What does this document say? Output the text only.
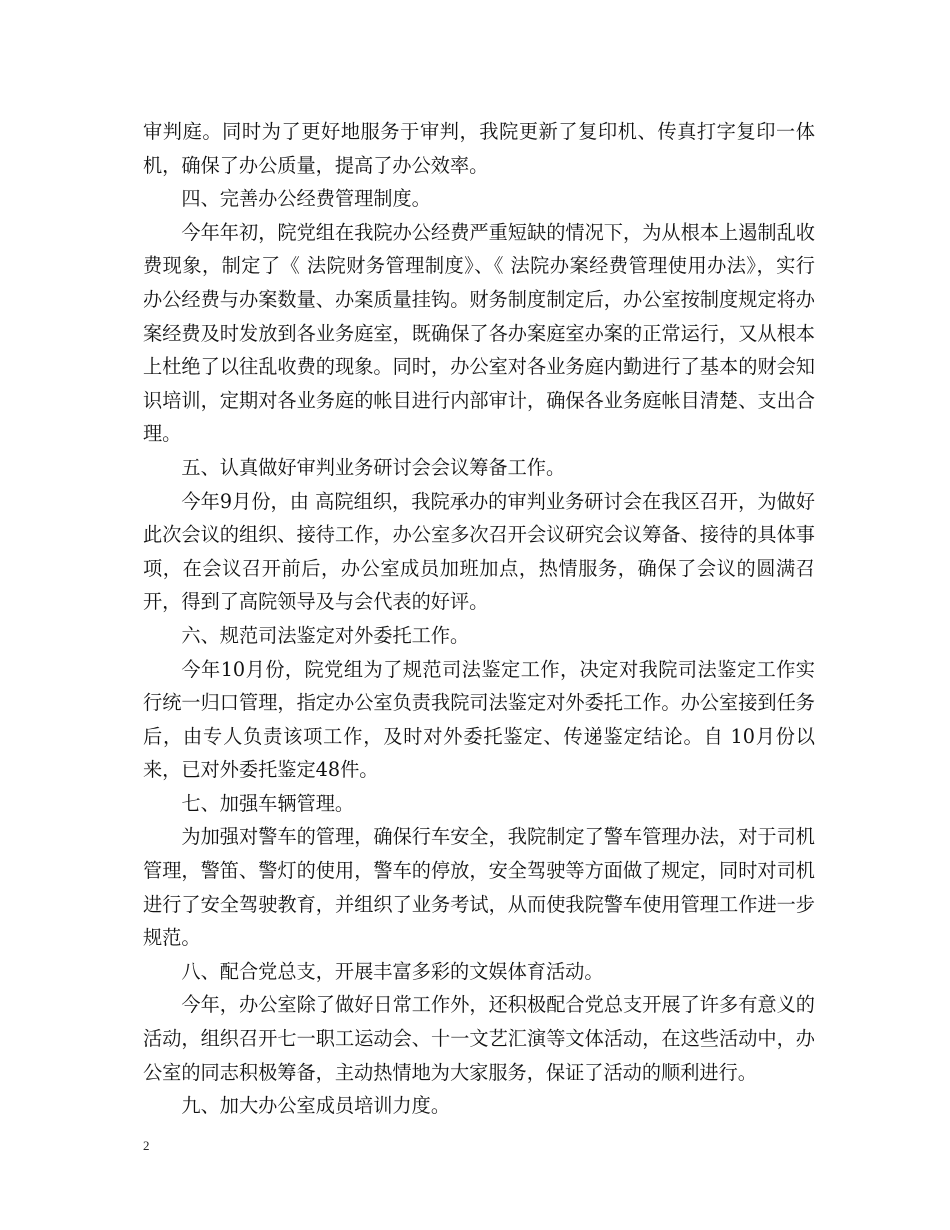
审判庭。同时为了更好地服务于审判，我院更新了复印机、传真打字复印一体机，确保了办公质量，提高了办公效率。

四、完善办公经费管理制度。

今年年初，院党组在我院办公经费严重短缺的情况下，为从根本上遏制乱收费现象，制定了《 法院财务管理制度》、《 法院办案经费管理使用办法》，实行办公经费与办案数量、办案质量挂钩。财务制度制定后，办公室按制度规定将办案经费及时发放到各业务庭室，既确保了各办案庭室办案的正常运行，又从根本上杜绝了以往乱收费的现象。同时，办公室对各业务庭内勤进行了基本的财会知识培训，定期对各业务庭的帐目进行内部审计，确保各业务庭帐目清楚、支出合理。

五、认真做好审判业务研讨会会议筹备工作。

今年9月份，由 高院组织，我院承办的审判业务研讨会在我区召开，为做好此次会议的组织、接待工作，办公室多次召开会议研究会议筹备、接待的具体事项，在会议召开前后，办公室成员加班加点，热情服务，确保了会议的圆满召开，得到了高院领导及与会代表的好评。

六、规范司法鉴定对外委托工作。

今年10月份，院党组为了规范司法鉴定工作，决定对我院司法鉴定工作实行统一归口管理，指定办公室负责我院司法鉴定对外委托工作。办公室接到任务后，由专人负责该项工作，及时对外委托鉴定、传递鉴定结论。自 10月份以来，已对外委托鉴定48件。

七、加强车辆管理。

为加强对警车的管理，确保行车安全，我院制定了警车管理办法，对于司机管理，警笛、警灯的使用，警车的停放，安全驾驶等方面做了规定，同时对司机进行了安全驾驶教育，并组织了业务考试，从而使我院警车使用管理工作进一步规范。

八、配合党总支，开展丰富多彩的文娱体育活动。

今年，办公室除了做好日常工作外，还积极配合党总支开展了许多有意义的活动，组织召开七一职工运动会、十一文艺汇演等文体活动，在这些活动中，办公室的同志积极筹备，主动热情地为大家服务，保证了活动的顺利进行。

九、加大办公室成员培训力度。

2
